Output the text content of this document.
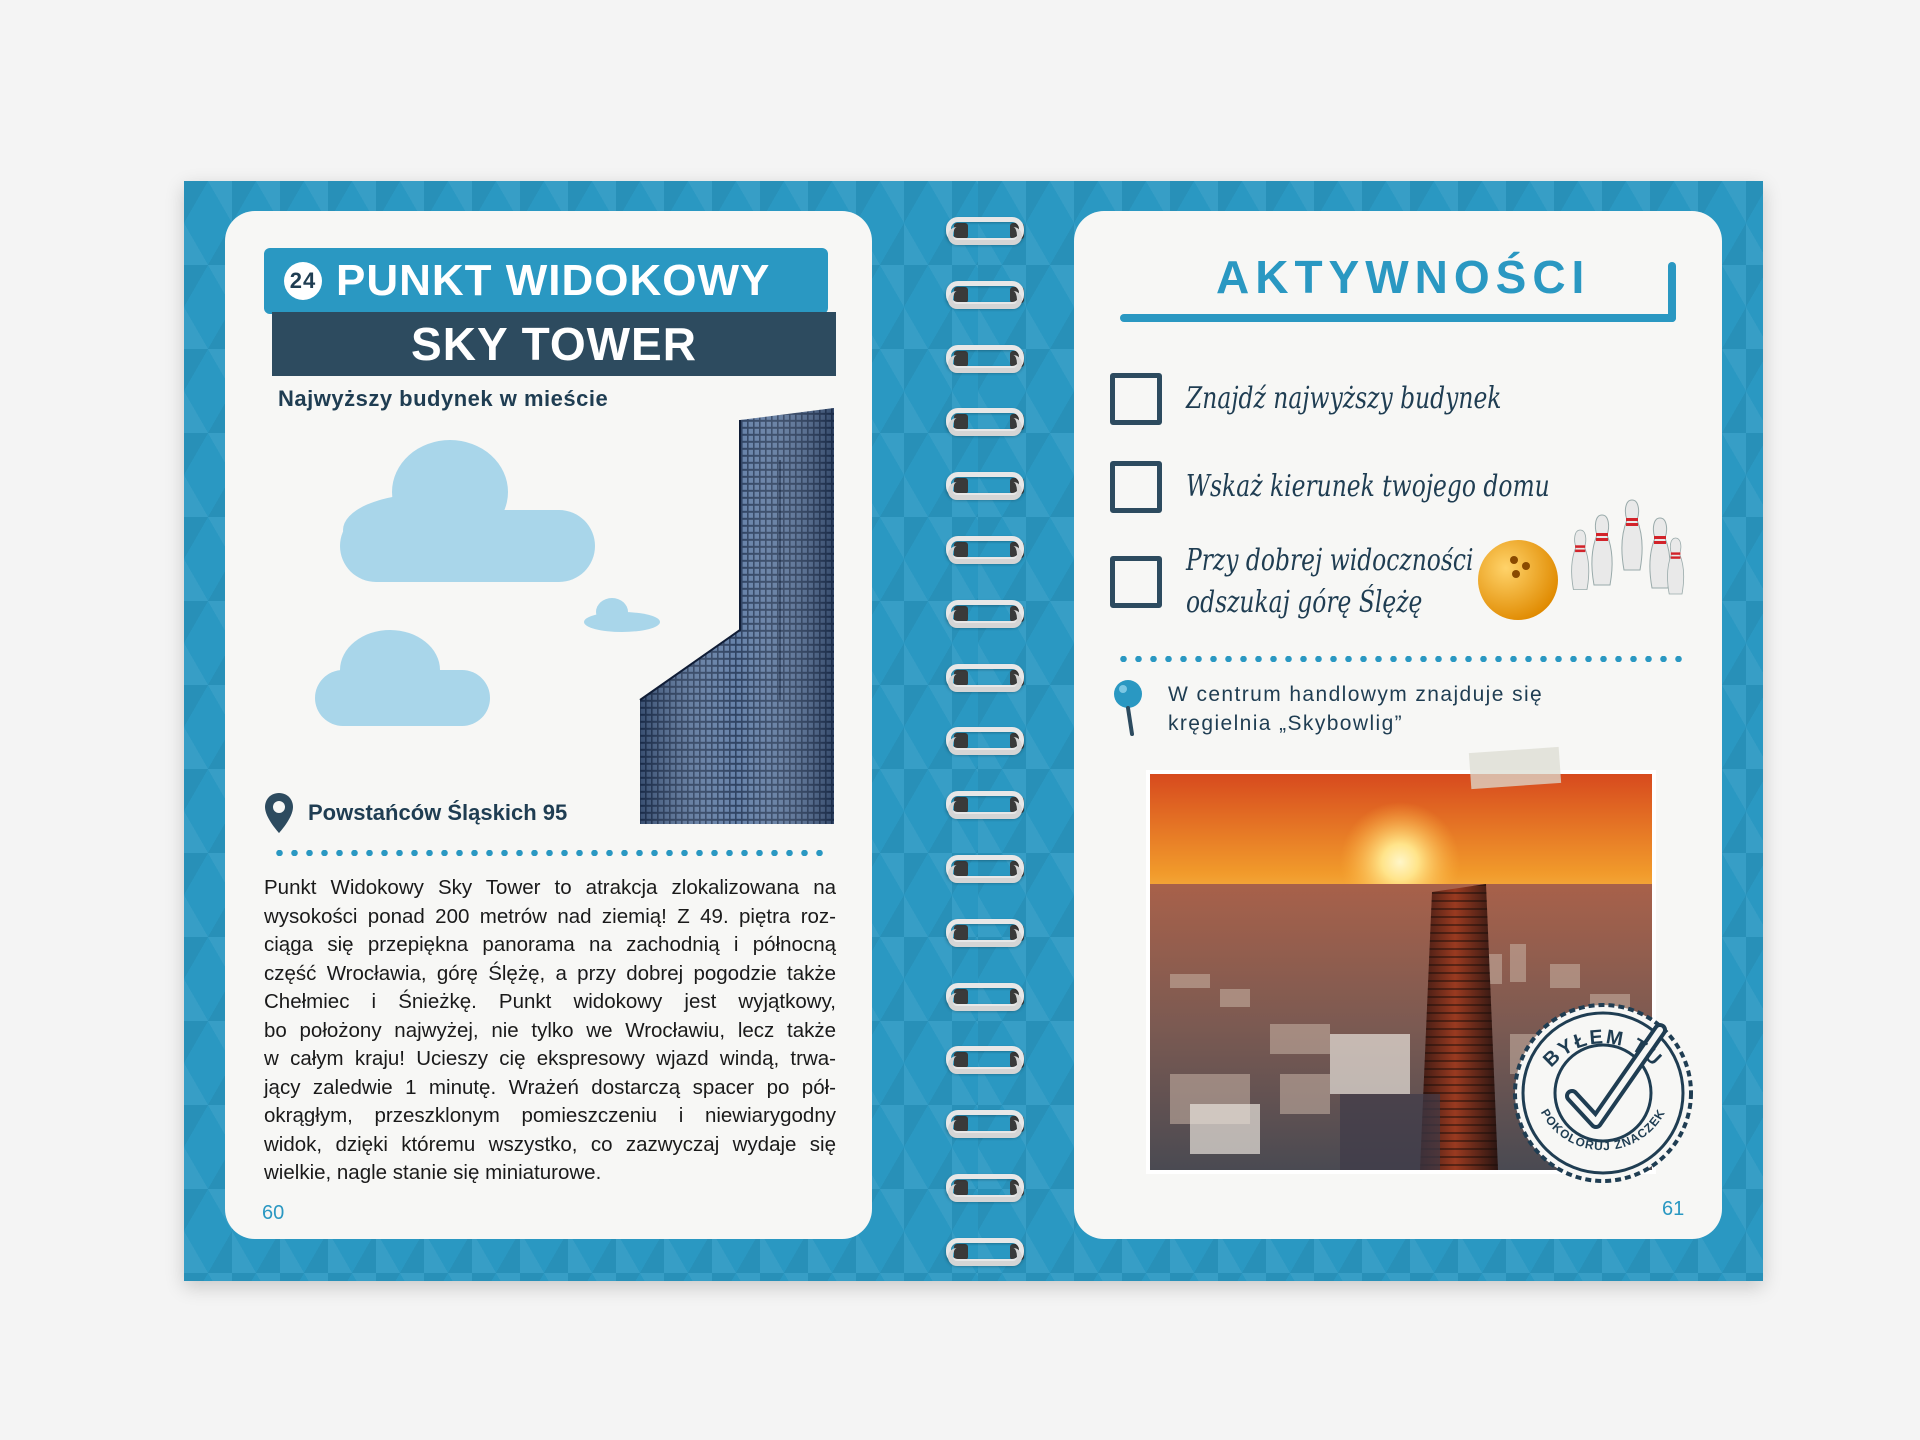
24 PUNKT WIDOKOWY
SKY TOWER
Najwyższy budynek w mieście
Powstańców Śląskich 95
Punkt Widokowy Sky Tower to atrakcja zlokalizowana na
wysokości ponad 200 metrów nad ziemią! Z 49. piętra roz-
ciąga się przepiękna panorama na zachodnią i północną
część Wrocławia, górę Ślężę, a przy dobrej pogodzie także
Chełmiec i Śnieżkę. Punkt widokowy jest wyjątkowy,
bo położony najwyżej, nie tylko we Wrocławiu, lecz także
w całym kraju! Ucieszy cię ekspresowy wjazd windą, trwa-
jący zaledwie 1 minutę. Wrażeń dostarczą spacer po pół-
okrągłym, przeszklonym pomieszczeniu i niewiarygodny
widok, dzięki któremu wszystko, co zazwyczaj wydaje się
wielkie, nagle stanie się miniaturowe.
60
AKTYWNOŚCI
Znajdź najwyższy budynek
Wskaż kierunek twojego domu
Przy dobrej widoczności
odszukaj górę Ślężę
W centrum handlowym znajduje się
kręgielnia „Skybowlig”
BYŁEM TU
POKOLORUJ ZNACZEK
61
